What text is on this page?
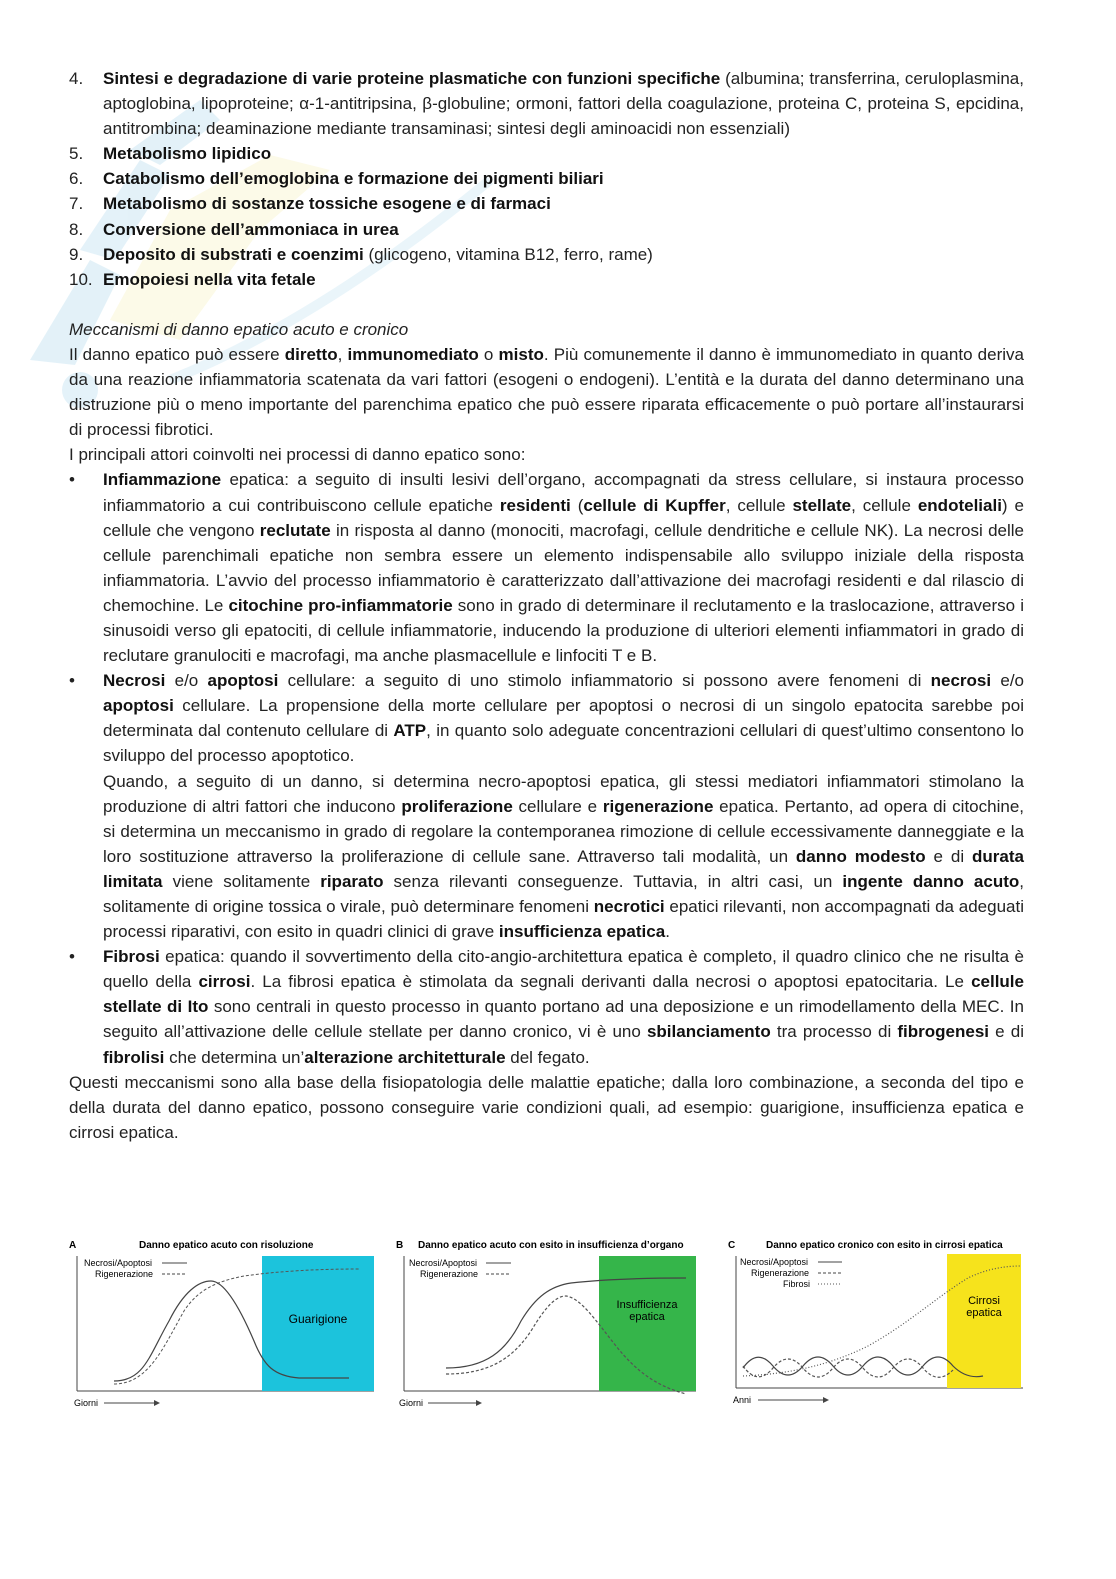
4. Sintesi e degradazione di varie proteine plasmatiche con funzioni specifiche (albumina; transferrina, ceruloplasmina, aptoglobina, lipoproteine; α-1-antitripsina, β-globuline; ormoni, fattori della coagulazione, proteina C, proteina S, epcidina, antitrombina; deaminazione mediante transaminasi; sintesi degli aminoacidi non essenziali)
5. Metabolismo lipidico
6. Catabolismo dell’emoglobina e formazione dei pigmenti biliari
7. Metabolismo di sostanze tossiche esogene e di farmaci
8. Conversione dell’ammoniaca in urea
9. Deposito di substrati e coenzimi (glicogeno, vitamina B12, ferro, rame)
10. Emopoiesi nella vita fetale
Meccanismi di danno epatico acuto e cronico
Il danno epatico può essere diretto, immunomediato o misto. Più comunemente il danno è immunomediato in quanto deriva da una reazione infiammatoria scatenata da vari fattori (esogeni o endogeni). L’entità e la durata del danno determinano una distruzione più o meno importante del parenchima epatico che può essere riparata efficacemente o può portare all’instaurarsi di processi fibrotici.
I principali attori coinvolti nei processi di danno epatico sono:
• Infiammazione epatica: a seguito di insulti lesivi dell’organo, accompagnati da stress cellulare, si instaura processo infiammatorio a cui contribuiscono cellule epatiche residenti (cellule di Kupffer, cellule stellate, cellule endoteliali) e cellule che vengono reclutate in risposta al danno (monociti, macrofagi, cellule dendritiche e cellule NK). La necrosi delle cellule parenchimali epatiche non sembra essere un elemento indispensabile allo sviluppo iniziale della risposta infiammatoria. L’avvio del processo infiammatorio è caratterizzato dall’attivazione dei macrofagi residenti e dal rilascio di chemochine. Le citochine pro-infiammatorie sono in grado di determinare il reclutamento e la traslocazione, attraverso i sinusoidi verso gli epatociti, di cellule infiammatorie, inducendo la produzione di ulteriori elementi infiammatori in grado di reclutare granulociti e macrofagi, ma anche plasmacellule e linfociti T e B.
• Necrosi e/o apoptosi cellulare: a seguito di uno stimolo infiammatorio si possono avere fenomeni di necrosi e/o apoptosi cellulare. La propensione della morte cellulare per apoptosi o necrosi di un singolo epatocita sarebbe poi determinata dal contenuto cellulare di ATP, in quanto solo adeguate concentrazioni cellulari di quest’ultimo consentono lo sviluppo del processo apoptotico.
Quando, a seguito di un danno, si determina necro-apoptosi epatica, gli stessi mediatori infiammatori stimolano la produzione di altri fattori che inducono proliferazione cellulare e rigenerazione epatica. Pertanto, ad opera di citochine, si determina un meccanismo in grado di regolare la contemporanea rimozione di cellule eccessivamente danneggiate e la loro sostituzione attraverso la proliferazione di cellule sane. Attraverso tali modalità, un danno modesto e di durata limitata viene solitamente riparato senza rilevanti conseguenze. Tuttavia, in altri casi, un ingente danno acuto, solitamente di origine tossica o virale, può determinare fenomeni necrotici epatici rilevanti, non accompagnati da adeguati processi riparativi, con esito in quadri clinici di grave insufficienza epatica.
• Fibrosi epatica: quando il sovvertimento della cito-angio-architettura epatica è completo, il quadro clinico che ne risulta è quello della cirrosi. La fibrosi epatica è stimolata da segnali derivanti dalla necrosi o apoptosi epatocitaria. Le cellule stellate di Ito sono centrali in questo processo in quanto portano ad una deposizione e un rimodellamento della MEC. In seguito all’attivazione delle cellule stellate per danno cronico, vi è uno sbilanciamento tra processo di fibrogenesi e di fibrolisi che determina un’alterazione architetturale del fegato.
Questi meccanismi sono alla base della fisiopatologia delle malattie epatiche; dalla loro combinazione, a seconda del tipo e della durata del danno epatico, possono conseguire varie condizioni quali, ad esempio: guarigione, insufficienza epatica e cirrosi epatica.
A	Danno epatico acuto con risoluzione
Necrosi/Apoptosi
Rigenerazione
Guarigione
Giorni
B Danno epatico acuto con esito in insufficienza d’organo
Necrosi/Apoptosi
Rigenerazione
Insufficienza
epatica
Giorni
C	Danno epatico cronico con esito in cirrosi epatica
Necrosi/Apoptosi
Rigenerazione
Fibrosi
Cirrosi
epatica
Anni
